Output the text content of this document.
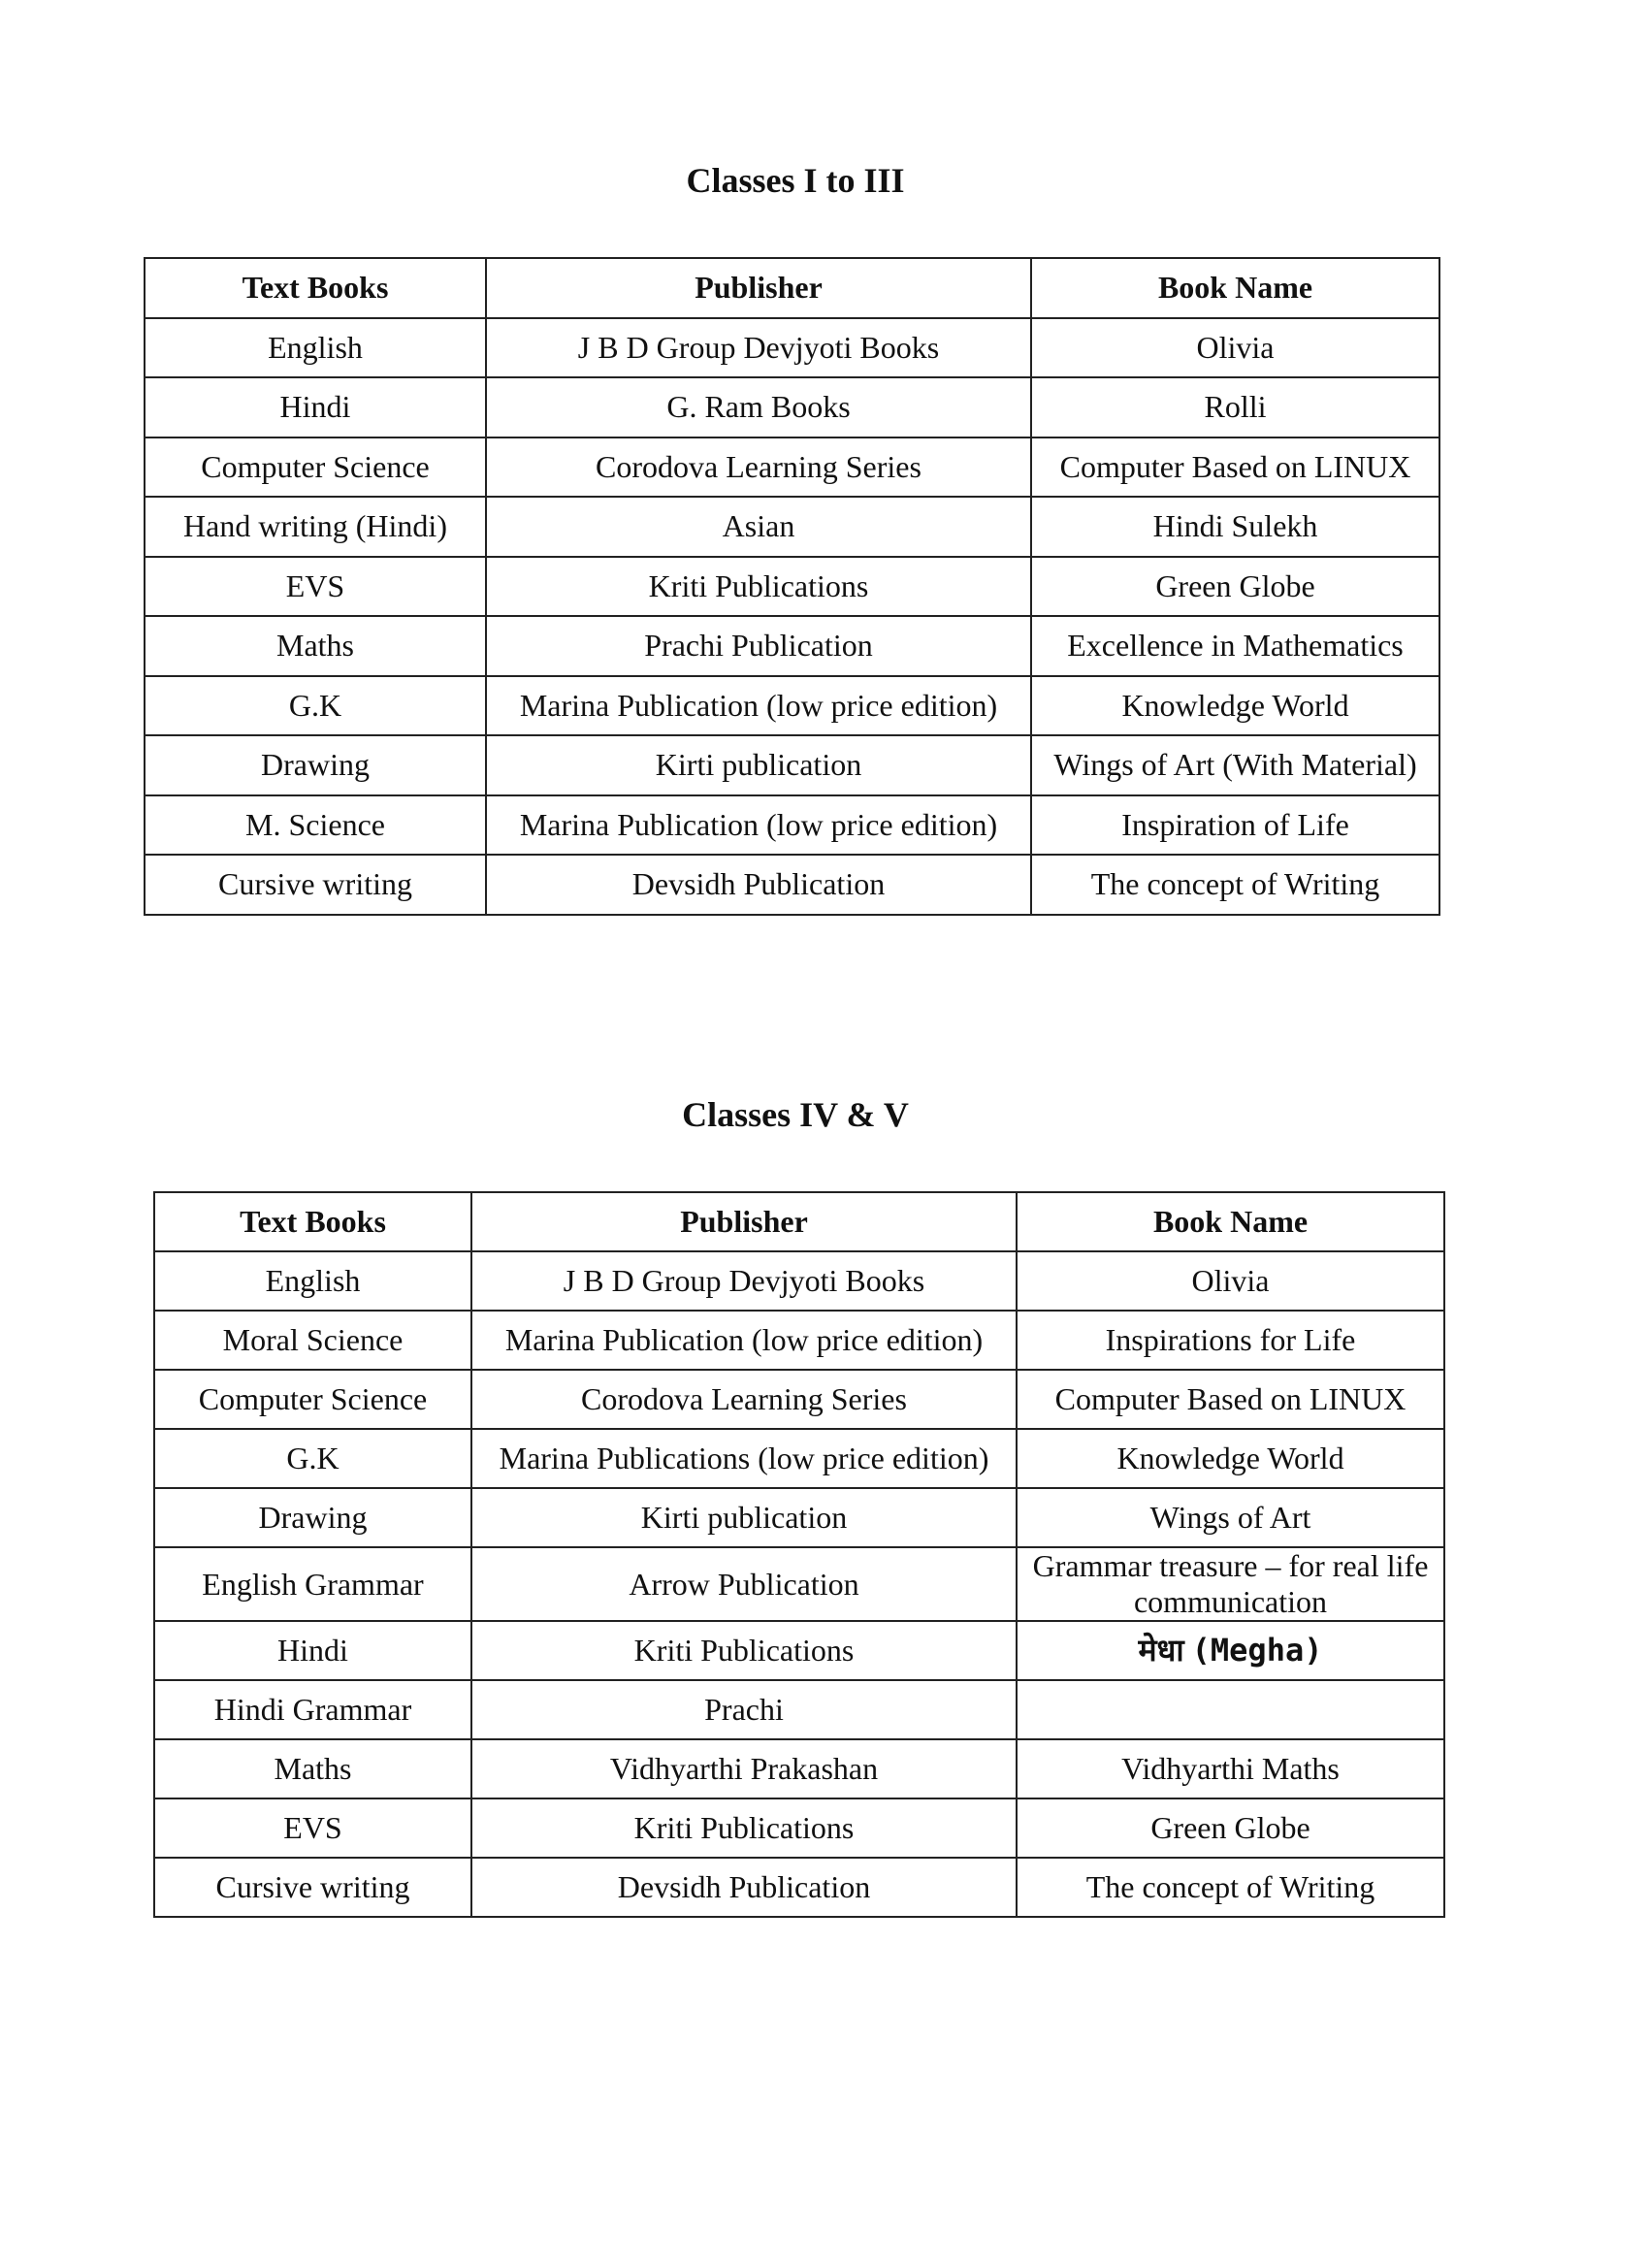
Classes I to III
Text Books	Publisher	Book Name
English	J B D Group Devjyoti Books	Olivia
Hindi	G. Ram Books	Rolli
Computer Science	Corodova Learning Series	Computer Based on LINUX
Hand writing (Hindi)	Asian	Hindi Sulekh
EVS	Kriti Publications	Green Globe
Maths	Prachi Publication	Excellence in Mathematics
G.K	Marina Publication (low price edition)	Knowledge World
Drawing	Kirti publication	Wings of Art (With Material)
M. Science	Marina Publication (low price edition)	Inspiration of Life
Cursive writing	Devsidh Publication	The concept of Writing
Classes IV & V
Text Books	Publisher	Book Name
English	J B D Group Devjyoti Books	Olivia
Moral Science	Marina Publication (low price edition)	Inspirations for Life
Computer Science	Corodova Learning Series	Computer Based on LINUX
G.K	Marina Publications (low price edition)	Knowledge World
Drawing	Kirti publication	Wings of Art
English Grammar	Arrow Publication	Grammar treasure – for real life communication
Hindi	Kriti Publications	मेधा (Megha)
Hindi Grammar	Prachi	
Maths	Vidhyarthi Prakashan	Vidhyarthi Maths
EVS	Kriti Publications	Green Globe
Cursive writing	Devsidh Publication	The concept of Writing
